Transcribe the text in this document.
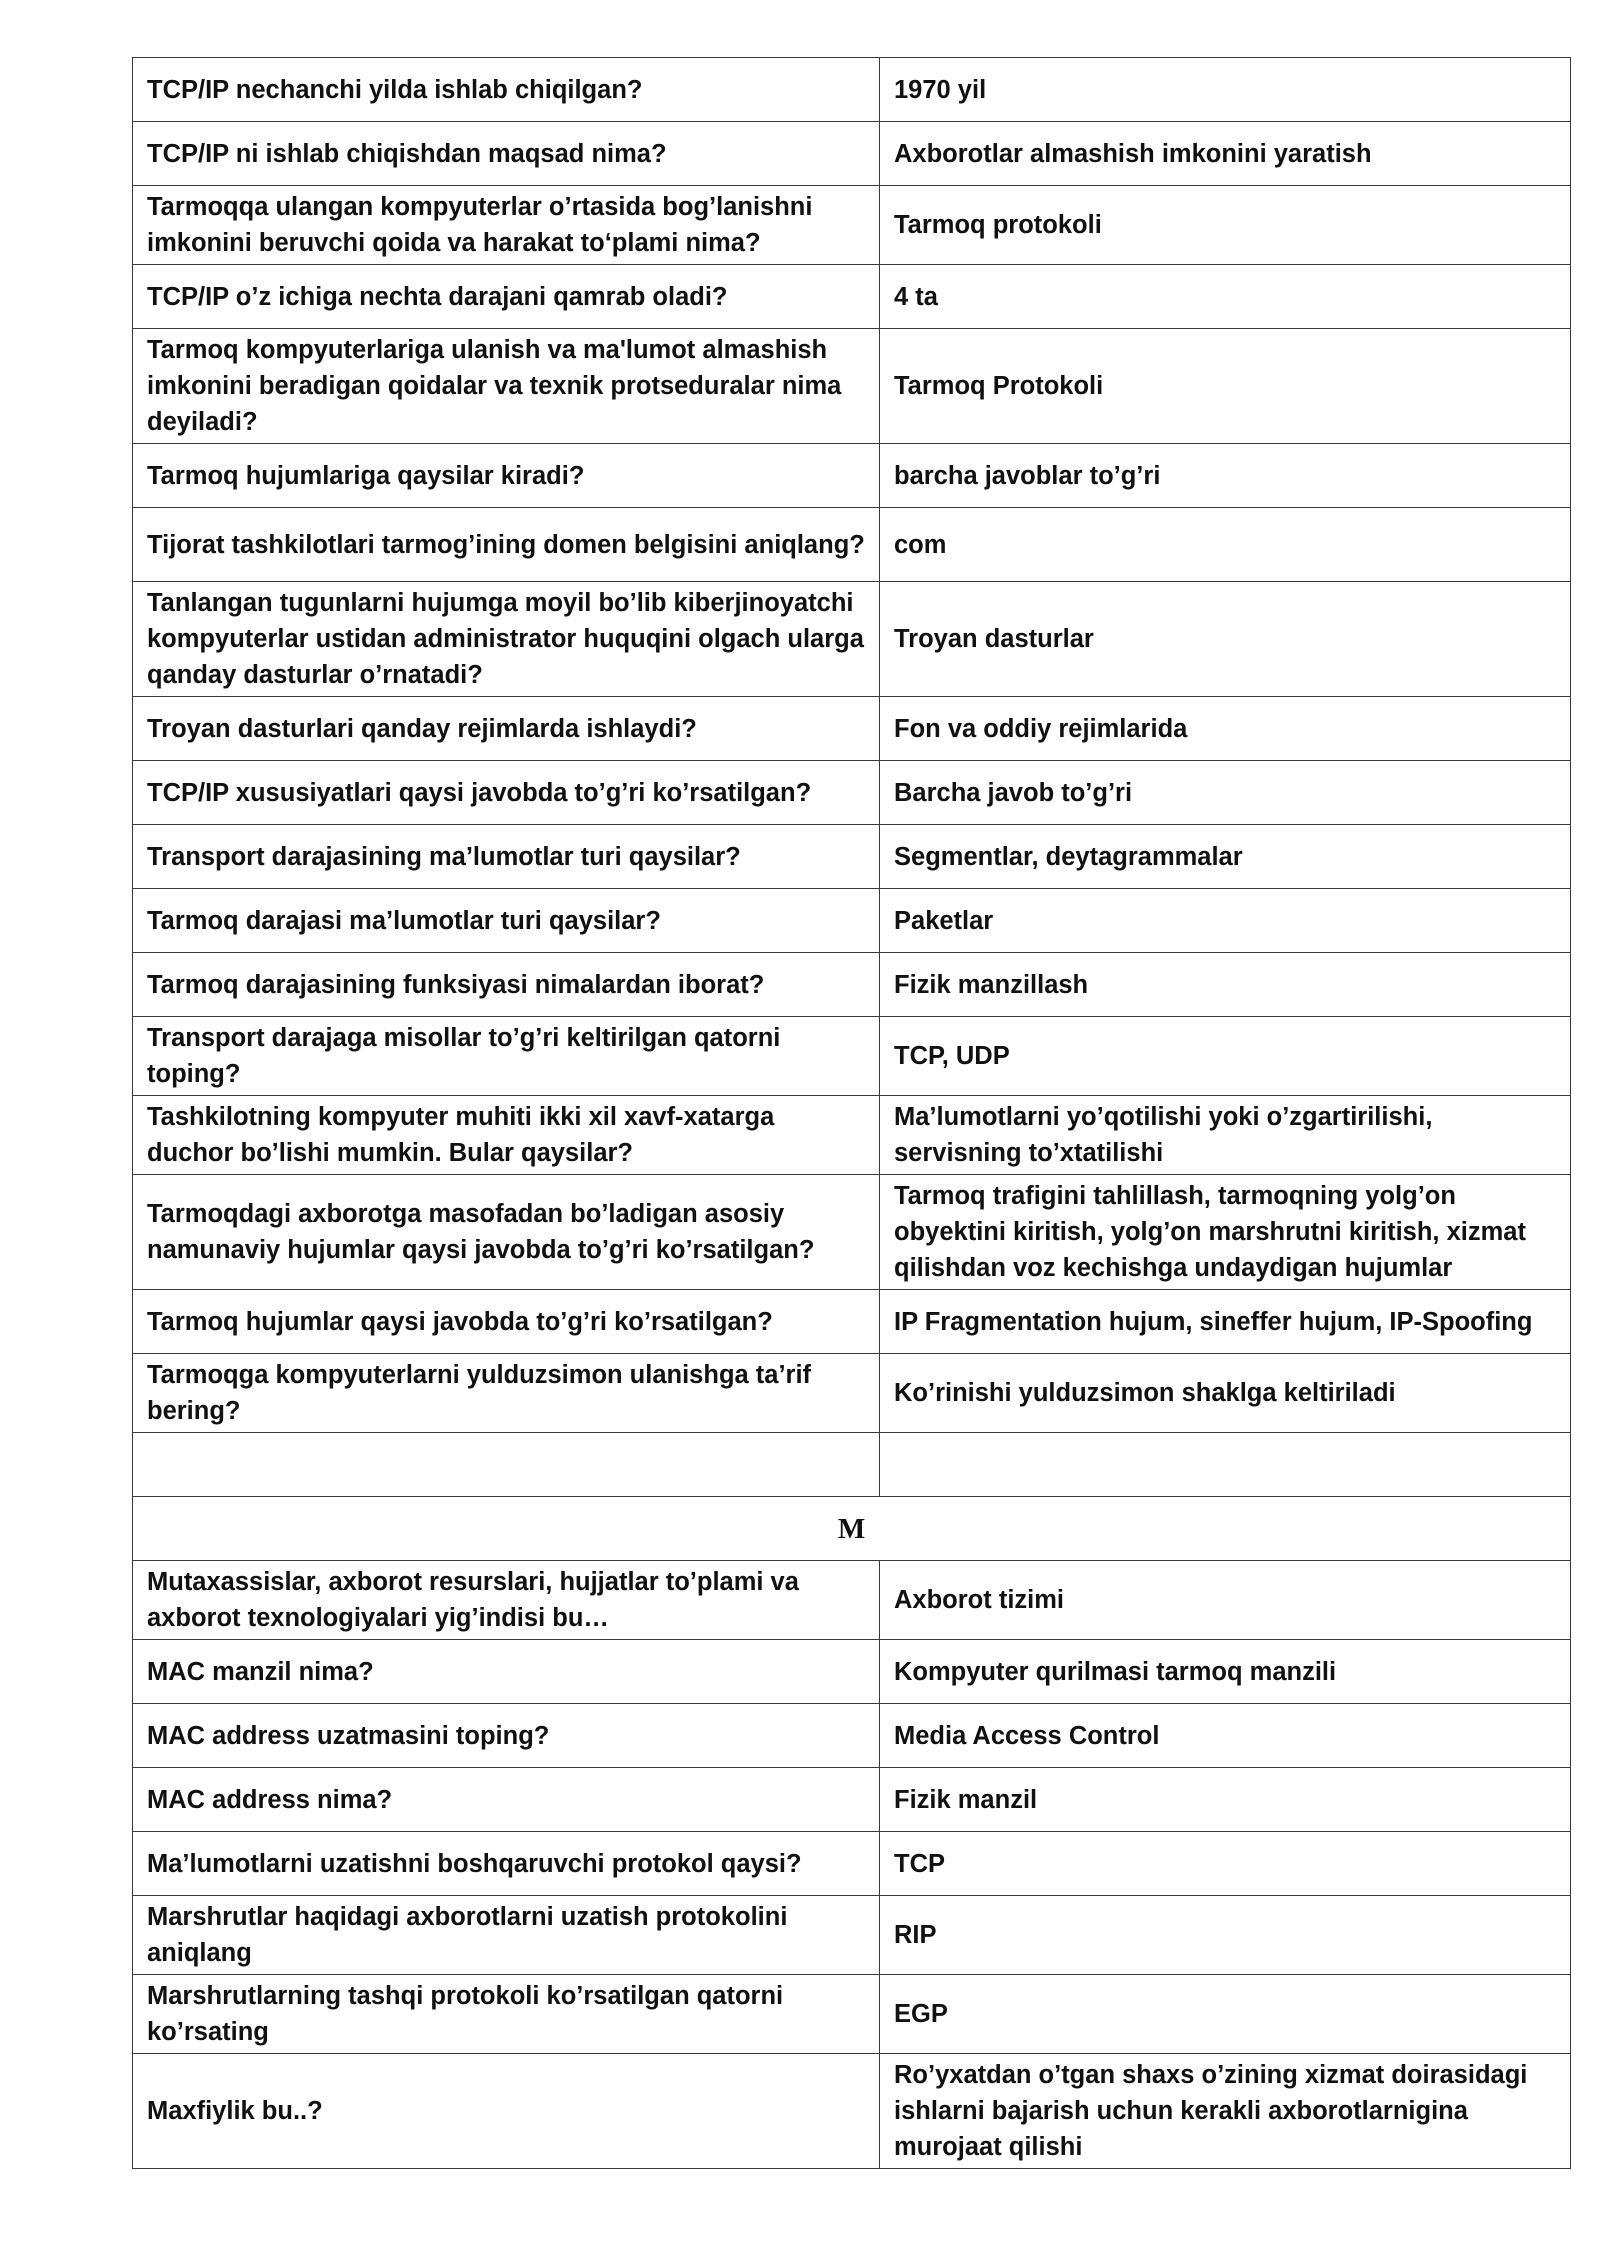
TCP/IP nechanchi yilda ishlab chiqilgan?	1970 yil
TCP/IP ni ishlab chiqishdan maqsad nima?	Axborotlar almashish imkonini yaratish
Tarmoqqa ulangan kompyuterlar o’rtasida bog’lanishni imkonini beruvchi qoida va harakat to‘plami nima?	Tarmoq protokoli
TCP/IP o’z ichiga nechta darajani qamrab oladi?	4 ta
Tarmoq kompyuterlariga ulanish va ma'lumot almashish imkonini beradigan qoidalar va texnik protseduralar nima deyiladi?	Tarmoq Protokoli
Tarmoq hujumlariga qaysilar kiradi?	barcha javoblar to’g’ri
Tijorat tashkilotlari tarmog’ining domen belgisini aniqlang?	com
Tanlangan tugunlarni hujumga moyil bo’lib kiberjinoyatchi kompyuterlar ustidan administrator huquqini olgach ularga qanday dasturlar o’rnatadi?	Troyan dasturlar
Troyan dasturlari qanday rejimlarda ishlaydi?	Fon va oddiy rejimlarida
TCP/IP xususiyatlari qaysi javobda to’g’ri ko’rsatilgan?	Barcha javob to’g’ri
Transport darajasining ma’lumotlar turi qaysilar?	Segmentlar, deytagrammalar
Tarmoq darajasi ma’lumotlar turi qaysilar?	Paketlar
Tarmoq darajasining funksiyasi nimalardan iborat?	Fizik manzillash
Transport darajaga misollar to’g’ri keltirilgan qatorni toping?	TCP, UDP
Tashkilotning kompyuter muhiti ikki xil xavf-xatarga duchor bo’lishi mumkin. Bular qaysilar?	Ma’lumotlarni yo’qotilishi yoki o’zgartirilishi, servisning to’xtatilishi
Tarmoqdagi axborotga masofadan bo’ladigan asosiy namunaviy hujumlar qaysi javobda to’g’ri ko’rsatilgan?	Tarmoq trafigini tahlillash, tarmoqning yolg’on obyektini kiritish, yolg’on marshrutni kiritish, xizmat qilishdan voz kechishga undaydigan hujumlar
Tarmoq hujumlar qaysi javobda to’g’ri ko’rsatilgan?	IP Fragmentation hujum, sineffer hujum, IP-Spoofing
Tarmoqga kompyuterlarni yulduzsimon ulanishga ta’rif bering?	Ko’rinishi yulduzsimon shaklga keltiriladi

M	
Mutaxassislar, axborot resurslari, hujjatlar to’plami va axborot texnologiyalari yig’indisi bu…	Axborot tizimi
MAC manzil nima?	Kompyuter qurilmasi tarmoq manzili
MAC address uzatmasini toping?	Media Access Control
MAC address nima?	Fizik manzil
Ma’lumotlarni uzatishni boshqaruvchi protokol qaysi?	TCP
Marshrutlar haqidagi axborotlarni uzatish protokolini aniqlang	RIP
Marshrutlarning tashqi protokoli ko’rsatilgan qatorni ko’rsating	EGP
Maxfiylik bu..?	Ro’yxatdan o’tgan shaxs o’zining xizmat doirasidagi ishlarni bajarish uchun kerakli axborotlarnigina murojaat qilishi
